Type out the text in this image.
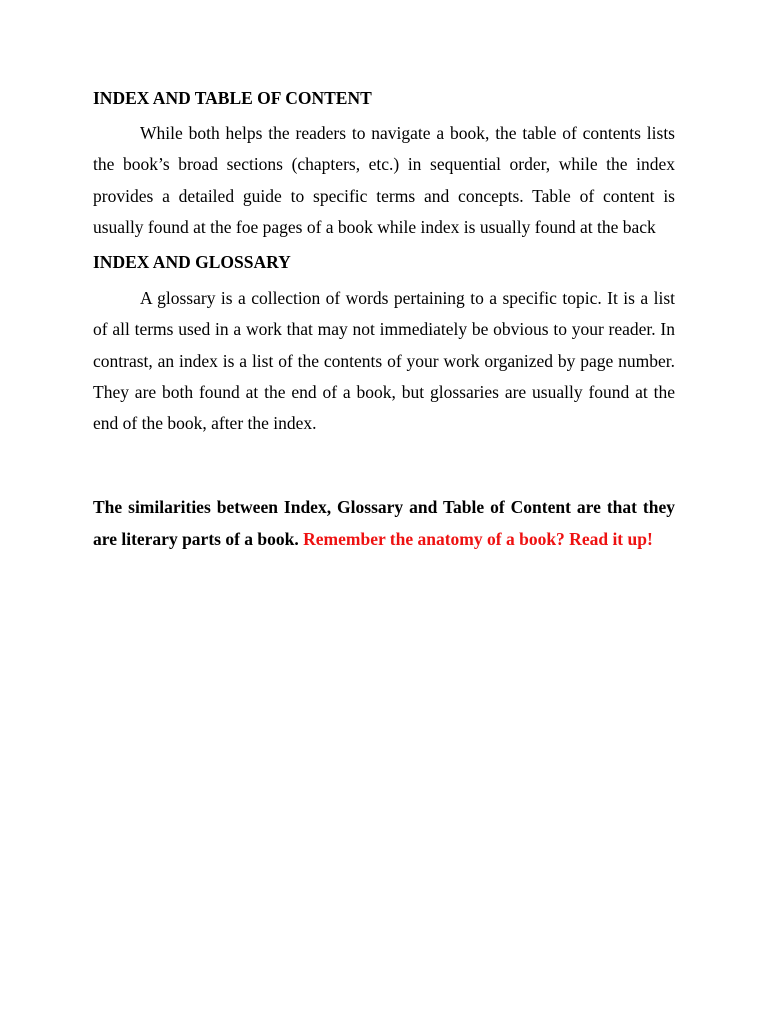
INDEX AND TABLE OF CONTENT

While both helps the readers to navigate a book, the table of contents lists the book’s broad sections (chapters, etc.) in sequential order, while the index provides a detailed guide to specific terms and concepts. Table of content is usually found at the foe pages of a book while index is usually found at the back

INDEX AND GLOSSARY

A glossary is a collection of words pertaining to a specific topic. It is a list of all terms used in a work that may not immediately be obvious to your reader. In contrast, an index is a list of the contents of your work organized by page number. They are both found at the end of a book, but glossaries are usually found at the end of the book, after the index.

The similarities between Index, Glossary and Table of Content are that they are literary parts of a book. Remember the anatomy of a book? Read it up!
